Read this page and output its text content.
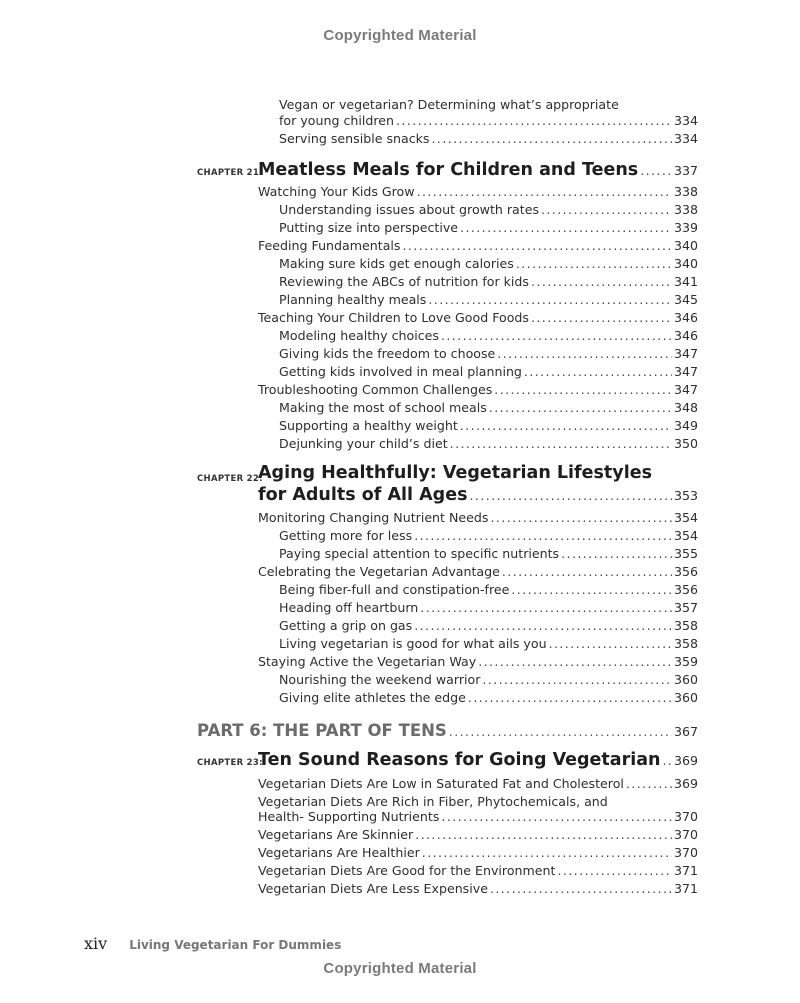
Copyrighted Material
Vegan or vegetarian? Determining what’s appropriate
for young children . . .	334
Serving sensible snacks . . .	334
CHAPTER 21:
Meatless Meals for Children and Teens . . .	337
Watching Your Kids Grow . . .	338
Understanding issues about growth rates . . .	338
Putting size into perspective . . .	339
Feeding Fundamentals . . .	340
Making sure kids get enough calories . . .	340
Reviewing the ABCs of nutrition for kids . . .	341
Planning healthy meals . . .	345
Teaching Your Children to Love Good Foods . . .	346
Modeling healthy choices . . .	346
Giving kids the freedom to choose . . .	347
Getting kids involved in meal planning . . .	347
Troubleshooting Common Challenges . . .	347
Making the most of school meals . . .	348
Supporting a healthy weight . . .	349
Dejunking your child’s diet . . .	350
CHAPTER 22:
Aging Healthfully: Vegetarian Lifestyles
for Adults of All Ages . . .	353
Monitoring Changing Nutrient Needs . . .	354
Getting more for less . . .	354
Paying special attention to specific nutrients . . .	355
Celebrating the Vegetarian Advantage . . .	356
Being fiber-full and constipation-free . . .	356
Heading off heartburn . . .	357
Getting a grip on gas . . .	358
Living vegetarian is good for what ails you . . .	358
Staying Active the Vegetarian Way . . .	359
Nourishing the weekend warrior . . .	360
Giving elite athletes the edge . . .	360
PART 6: THE PART OF TENS . . .	367
CHAPTER 23:
Ten Sound Reasons for Going Vegetarian . . . 369
Vegetarian Diets Are Low in Saturated Fat and Cholesterol . . .	369
Vegetarian Diets Are Rich in Fiber, Phytochemicals, and
Health- Supporting Nutrients . . .	370
Vegetarians Are Skinnier . . .	370
Vegetarians Are Healthier . . .	370
Vegetarian Diets Are Good for the Environment . . .	371
Vegetarian Diets Are Less Expensive . . .	371
xiv Living Vegetarian For Dummies
Copyrighted Material
